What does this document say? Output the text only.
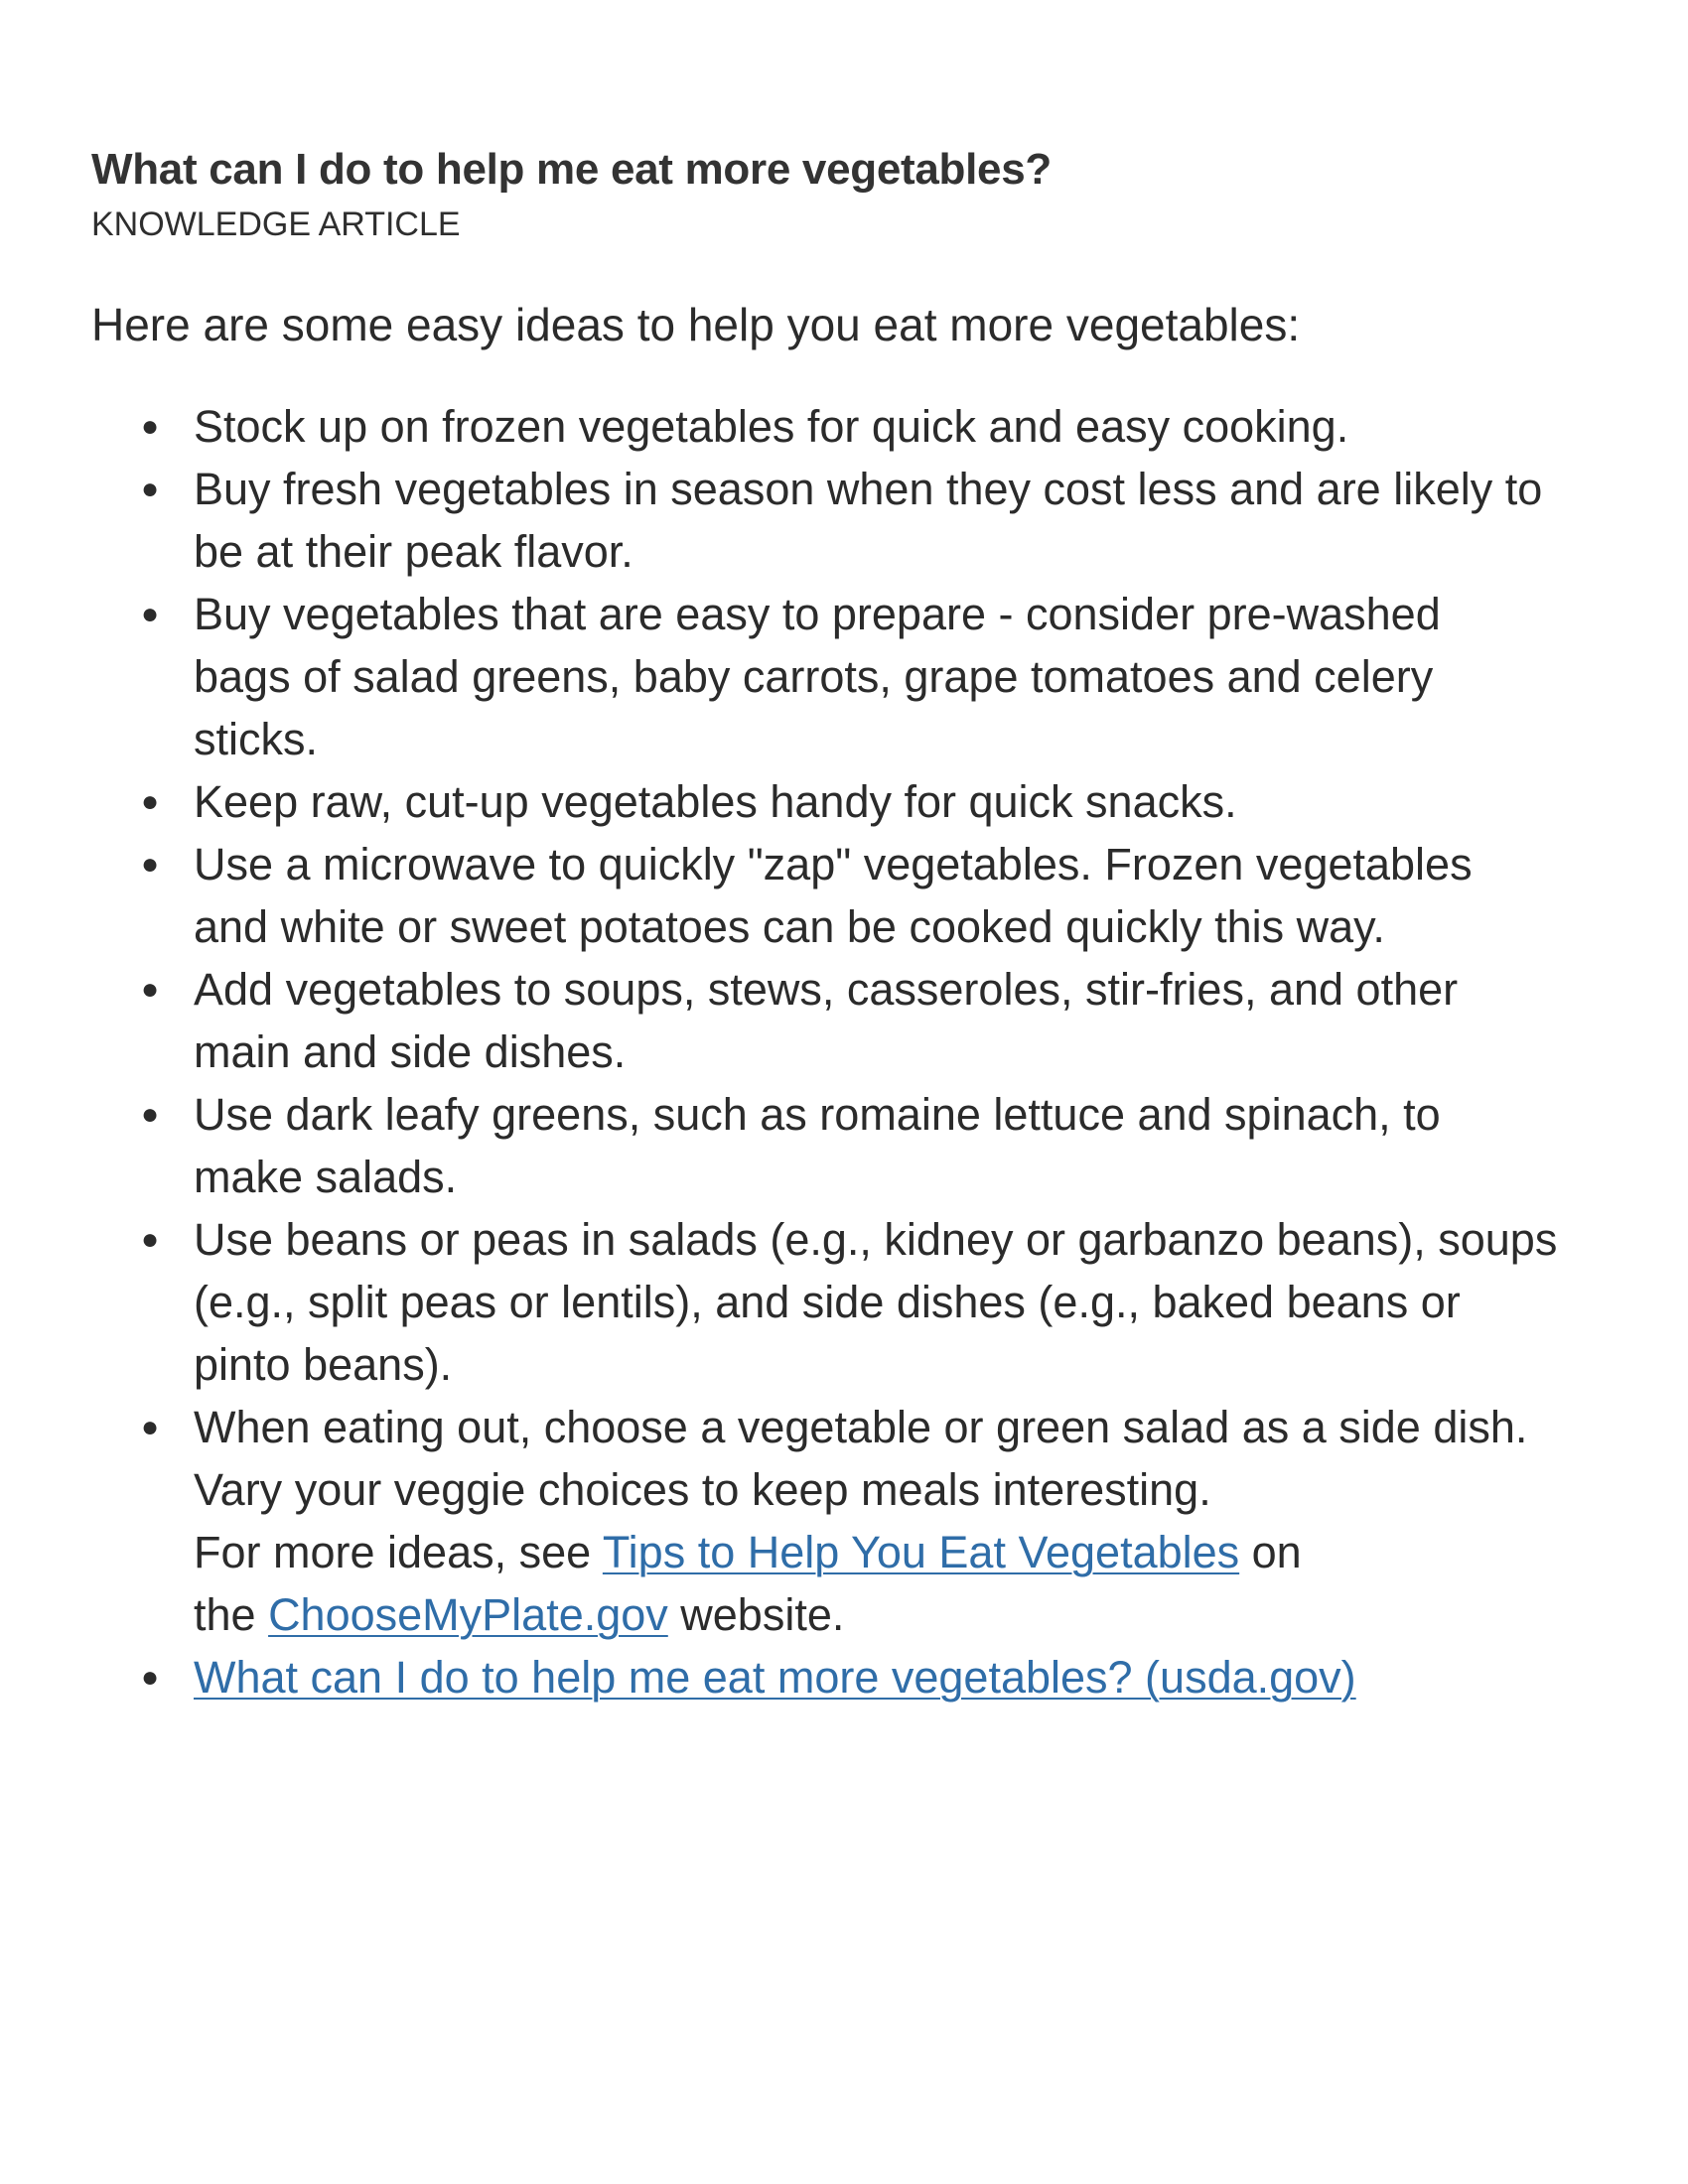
What can I do to help me eat more vegetables?
KNOWLEDGE ARTICLE
Here are some easy ideas to help you eat more vegetables:
● Stock up on frozen vegetables for quick and easy cooking.
● Buy fresh vegetables in season when they cost less and are likely to
be at their peak flavor.
● Buy vegetables that are easy to prepare - consider pre-washed
bags of salad greens, baby carrots, grape tomatoes and celery
sticks.
● Keep raw, cut-up vegetables handy for quick snacks.
● Use a microwave to quickly "zap" vegetables. Frozen vegetables
and white or sweet potatoes can be cooked quickly this way.
● Add vegetables to soups, stews, casseroles, stir-fries, and other
main and side dishes.
● Use dark leafy greens, such as romaine lettuce and spinach, to
make salads.
● Use beans or peas in salads (e.g., kidney or garbanzo beans), soups
(e.g., split peas or lentils), and side dishes (e.g., baked beans or
pinto beans).
● When eating out, choose a vegetable or green salad as a side dish.
Vary your veggie choices to keep meals interesting.
For more ideas, see Tips to Help You Eat Vegetables on
the ChooseMyPlate.gov website.
● What can I do to help me eat more vegetables? (usda.gov)
